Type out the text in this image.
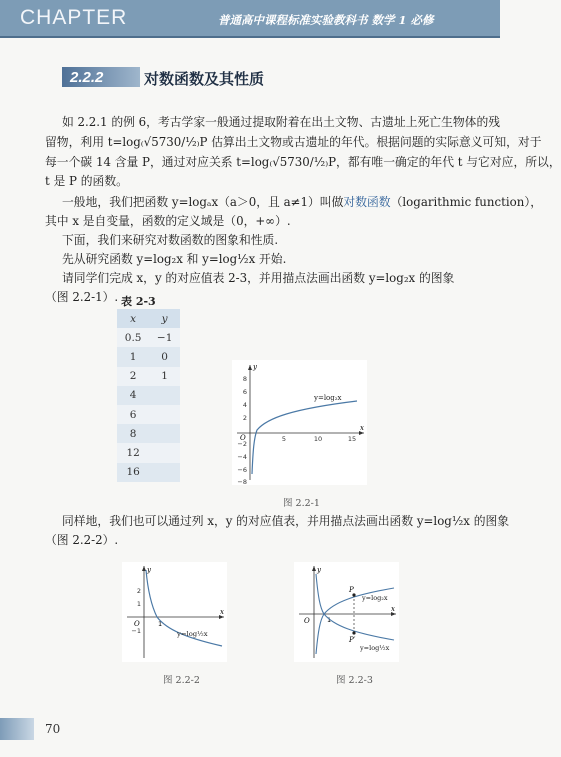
CHAPTER	普通高中课程标准实验教科书 数学 1 必修
2.2.2	对数函数及其性质
如 2.2.1 的例 6，考古学家一般通过提取附着在出土文物、古遗址上死亡生物体的残
留物，利用 t=log₍√5730/½₎P 估算出土文物或古遗址的年代。根据问题的实际意义可知，对于
每一个碳 14 含量 P，通过对应关系 t=log₍√5730/½₎P，都有唯一确定的年代 t 与它对应，所以，
t 是 P 的函数。
一般地，我们把函数 y=logₐx（a＞0，且 a≠1）叫做对数函数（logarithmic function），
其中 x 是自变量，函数的定义域是（0，+∞）.
下面，我们来研究对数函数的图象和性质.
先从研究函数 y=log₂x 和 y=log½x 开始.
请同学们完成 x，y 的对应值表 2-3，并用描点法画出函数 y=log₂x 的图象
（图 2.2-1）. 表 2-3
x	y
0.5	−1
1	0
2	1
4	
6	
8	
12	
16	
8
6
4
2
−2
−4
−6
−8
5	10	15
O
x
y
y=log₂x
图 2.2-1
同样地，我们也可以通过列 x，y 的对应值表，并用描点法画出函数 y=log½x 的图象
（图 2.2-2）.
y
x
O
2
1
−1
1
y=log½x
图 2.2-2
y
x
O	1
P
P′
y=log₂x
y=log½x
图 2.2-3
70
